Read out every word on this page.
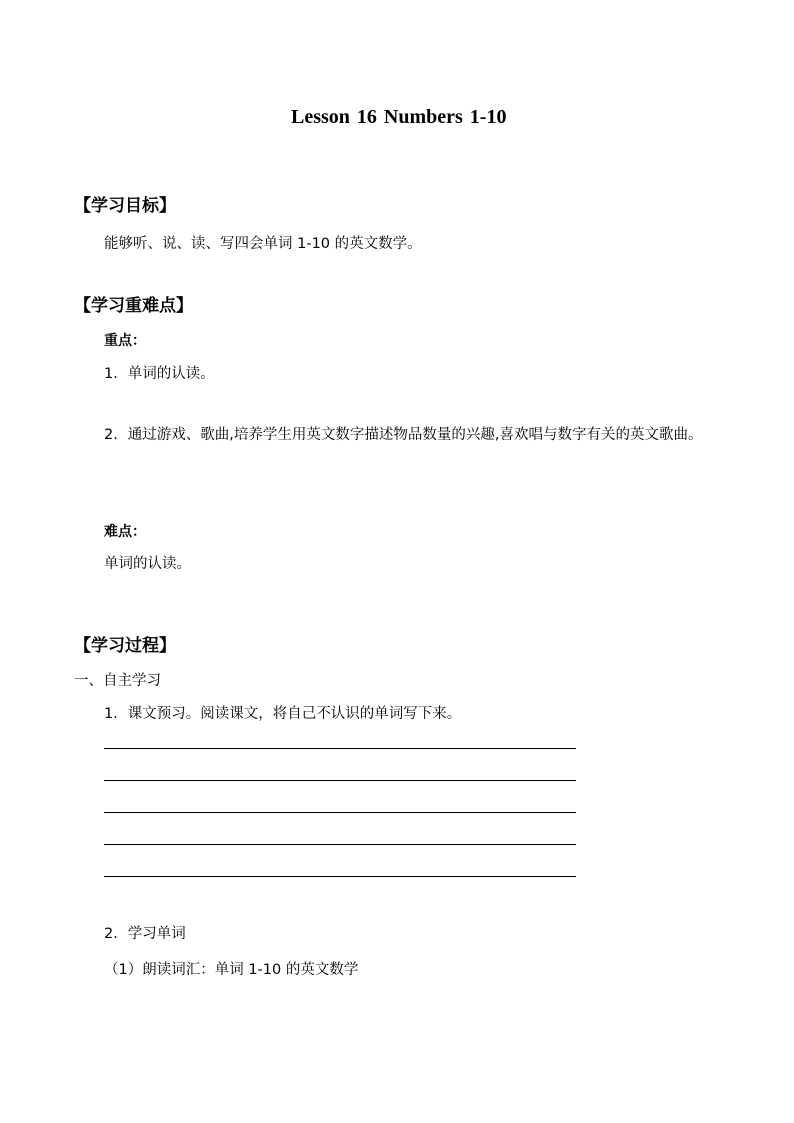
Lesson 16 Numbers 1-10
【学习目标】
能够听、说、读、写四会单词 1-10 的英文数学。
【学习重难点】
重点：
1．单词的认读。
2．通过游戏、歌曲,培养学生用英文数字描述物品数量的兴趣,喜欢唱与数字有关的英文歌曲。
难点：
单词的认读。
【学习过程】
一、自主学习
1．课文预习。阅读课文，将自己不认识的单词写下来。
2．学习单词
（1）朗读词汇：单词 1-10 的英文数学
